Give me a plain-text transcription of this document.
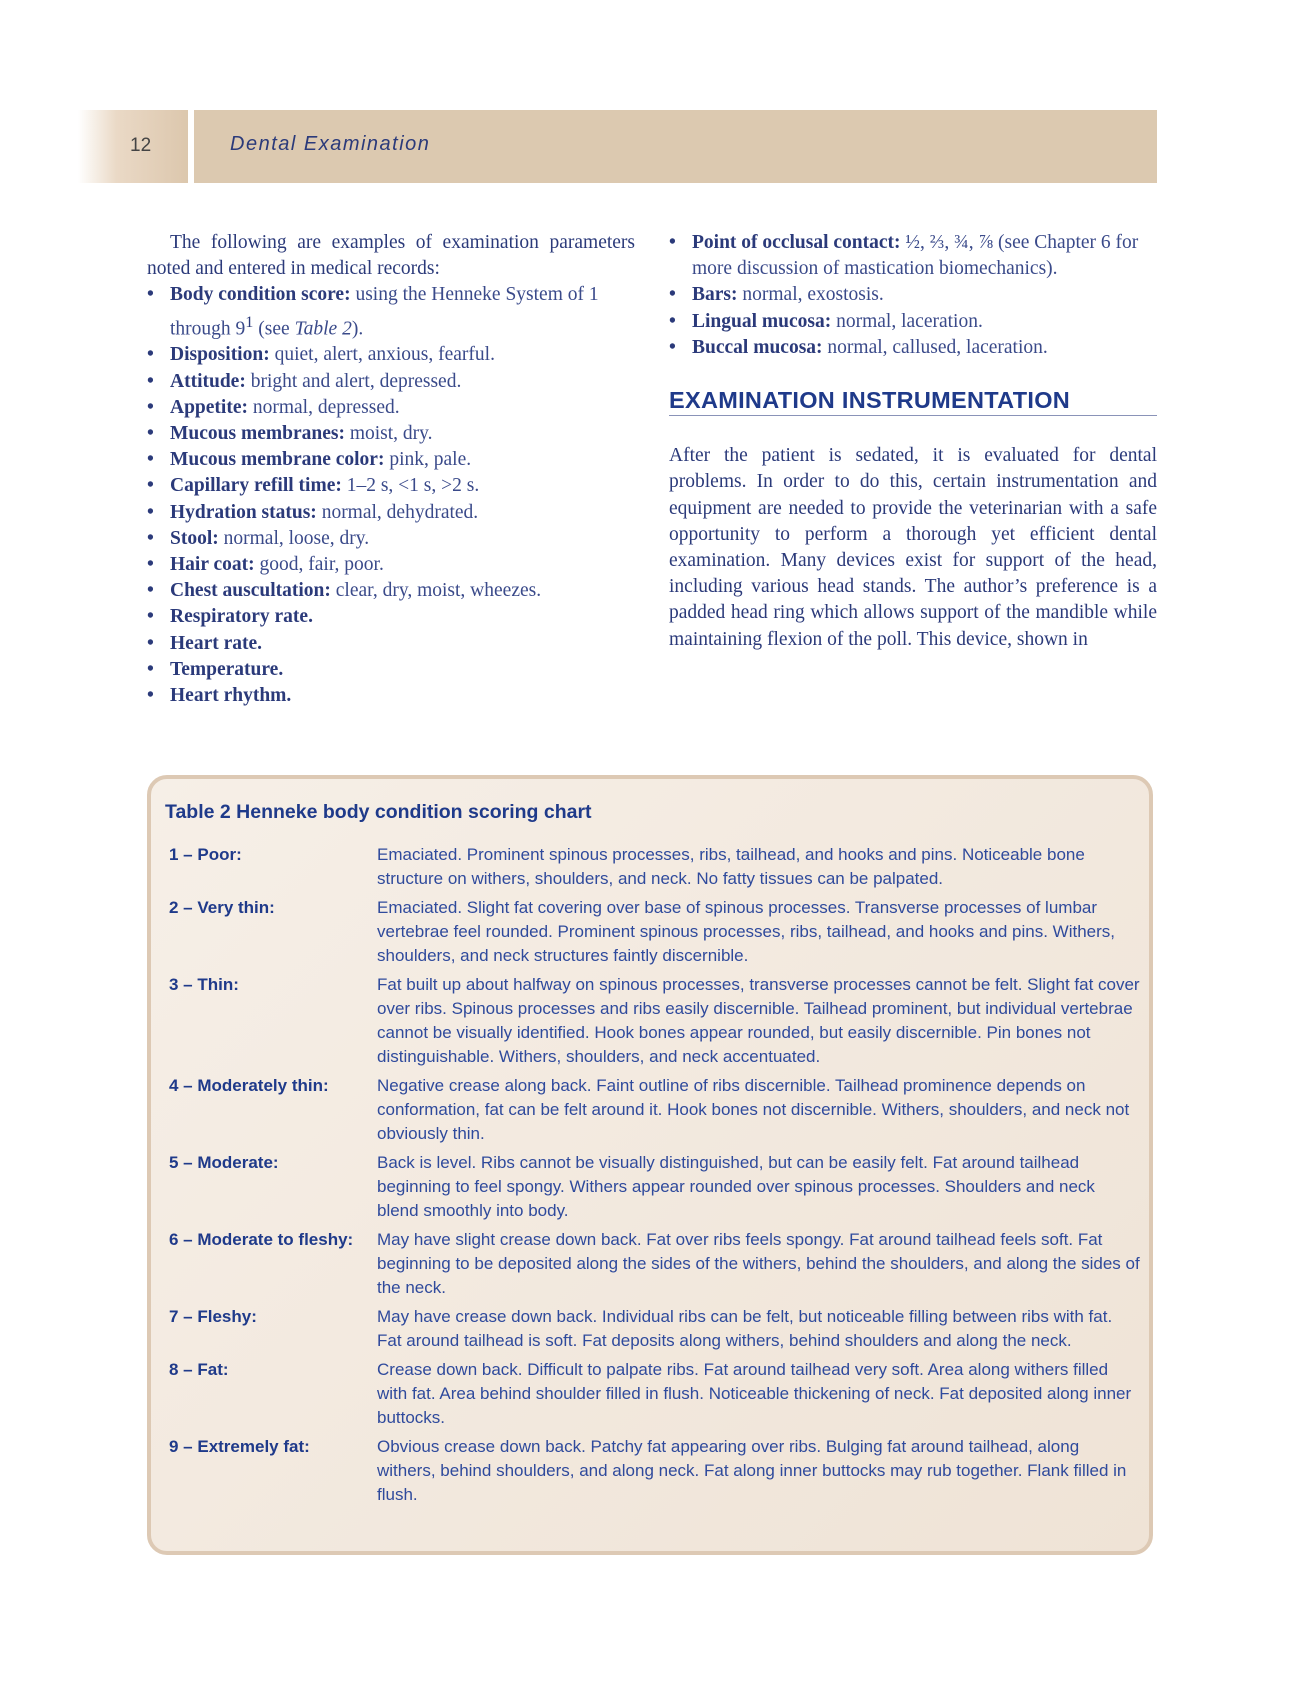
12	Dental Examination

The following are examples of examination parameters noted and entered in medical records:

• Body condition score: using the Henneke System of 1 through $9^1$ (see Table 2).
• Disposition: quiet, alert, anxious, fearful.
• Attitude: bright and alert, depressed.
• Appetite: normal, depressed.
• Mucous membranes: moist, dry.
• Mucous membrane color: pink, pale.
• Capillary refill time: 1–2 s, <1 s, >2 s.
• Hydration status: normal, dehydrated.
• Stool: normal, loose, dry.
• Hair coat: good, fair, poor.
• Chest auscultation: clear, dry, moist, wheezes.
• Respiratory rate.
• Heart rate.
• Temperature.
• Heart rhythm.
• Point of occlusal contact: ½, ⅔, ¾, ⅞ (see Chapter 6 for more discussion of mastication biomechanics).
• Bars: normal, exostosis.
• Lingual mucosa: normal, laceration.
• Buccal mucosa: normal, callused, laceration.
EXAMINATION INSTRUMENTATION

After the patient is sedated, it is evaluated for dental problems. In order to do this, certain instrumentation and equipment are needed to provide the veterinarian with a safe opportunity to perform a thorough yet efficient dental examination. Many devices exist for support of the head, including various head stands. The author’s preference is a padded head ring which allows support of the mandible while maintaining flexion of the poll. This device, shown in

Table 2 Henneke body condition scoring chart
1 – Poor:	Emaciated. Prominent spinous processes, ribs, tailhead, and hooks and pins. Noticeable bone structure on withers, shoulders, and neck. No fatty tissues can be palpated.
2 – Very thin:	Emaciated. Slight fat covering over base of spinous processes. Transverse processes of lumbar vertebrae feel rounded. Prominent spinous processes, ribs, tailhead, and hooks and pins. Withers, shoulders, and neck structures faintly discernible.
3 – Thin:	Fat built up about halfway on spinous processes, transverse processes cannot be felt. Slight fat cover over ribs. Spinous processes and ribs easily discernible. Tailhead prominent, but individual vertebrae cannot be visually identified. Hook bones appear rounded, but easily discernible. Pin bones not distinguishable. Withers, shoulders, and neck accentuated.
4 – Moderately thin:	Negative crease along back. Faint outline of ribs discernible. Tailhead prominence depends on conformation, fat can be felt around it. Hook bones not discernible. Withers, shoulders, and neck not obviously thin.
5 – Moderate:	Back is level. Ribs cannot be visually distinguished, but can be easily felt. Fat around tailhead beginning to feel spongy. Withers appear rounded over spinous processes. Shoulders and neck blend smoothly into body.
6 – Moderate to fleshy:	May have slight crease down back. Fat over ribs feels spongy. Fat around tailhead feels soft. Fat beginning to be deposited along the sides of the withers, behind the shoulders, and along the sides of the neck.
7 – Fleshy:	May have crease down back. Individual ribs can be felt, but noticeable filling between ribs with fat. Fat around tailhead is soft. Fat deposits along withers, behind shoulders and along the neck.
8 – Fat:	Crease down back. Difficult to palpate ribs. Fat around tailhead very soft. Area along withers filled with fat. Area behind shoulder filled in flush. Noticeable thickening of neck. Fat deposited along inner buttocks.
9 – Extremely fat:	Obvious crease down back. Patchy fat appearing over ribs. Bulging fat around tailhead, along withers, behind shoulders, and along neck. Fat along inner buttocks may rub together. Flank filled in flush.
